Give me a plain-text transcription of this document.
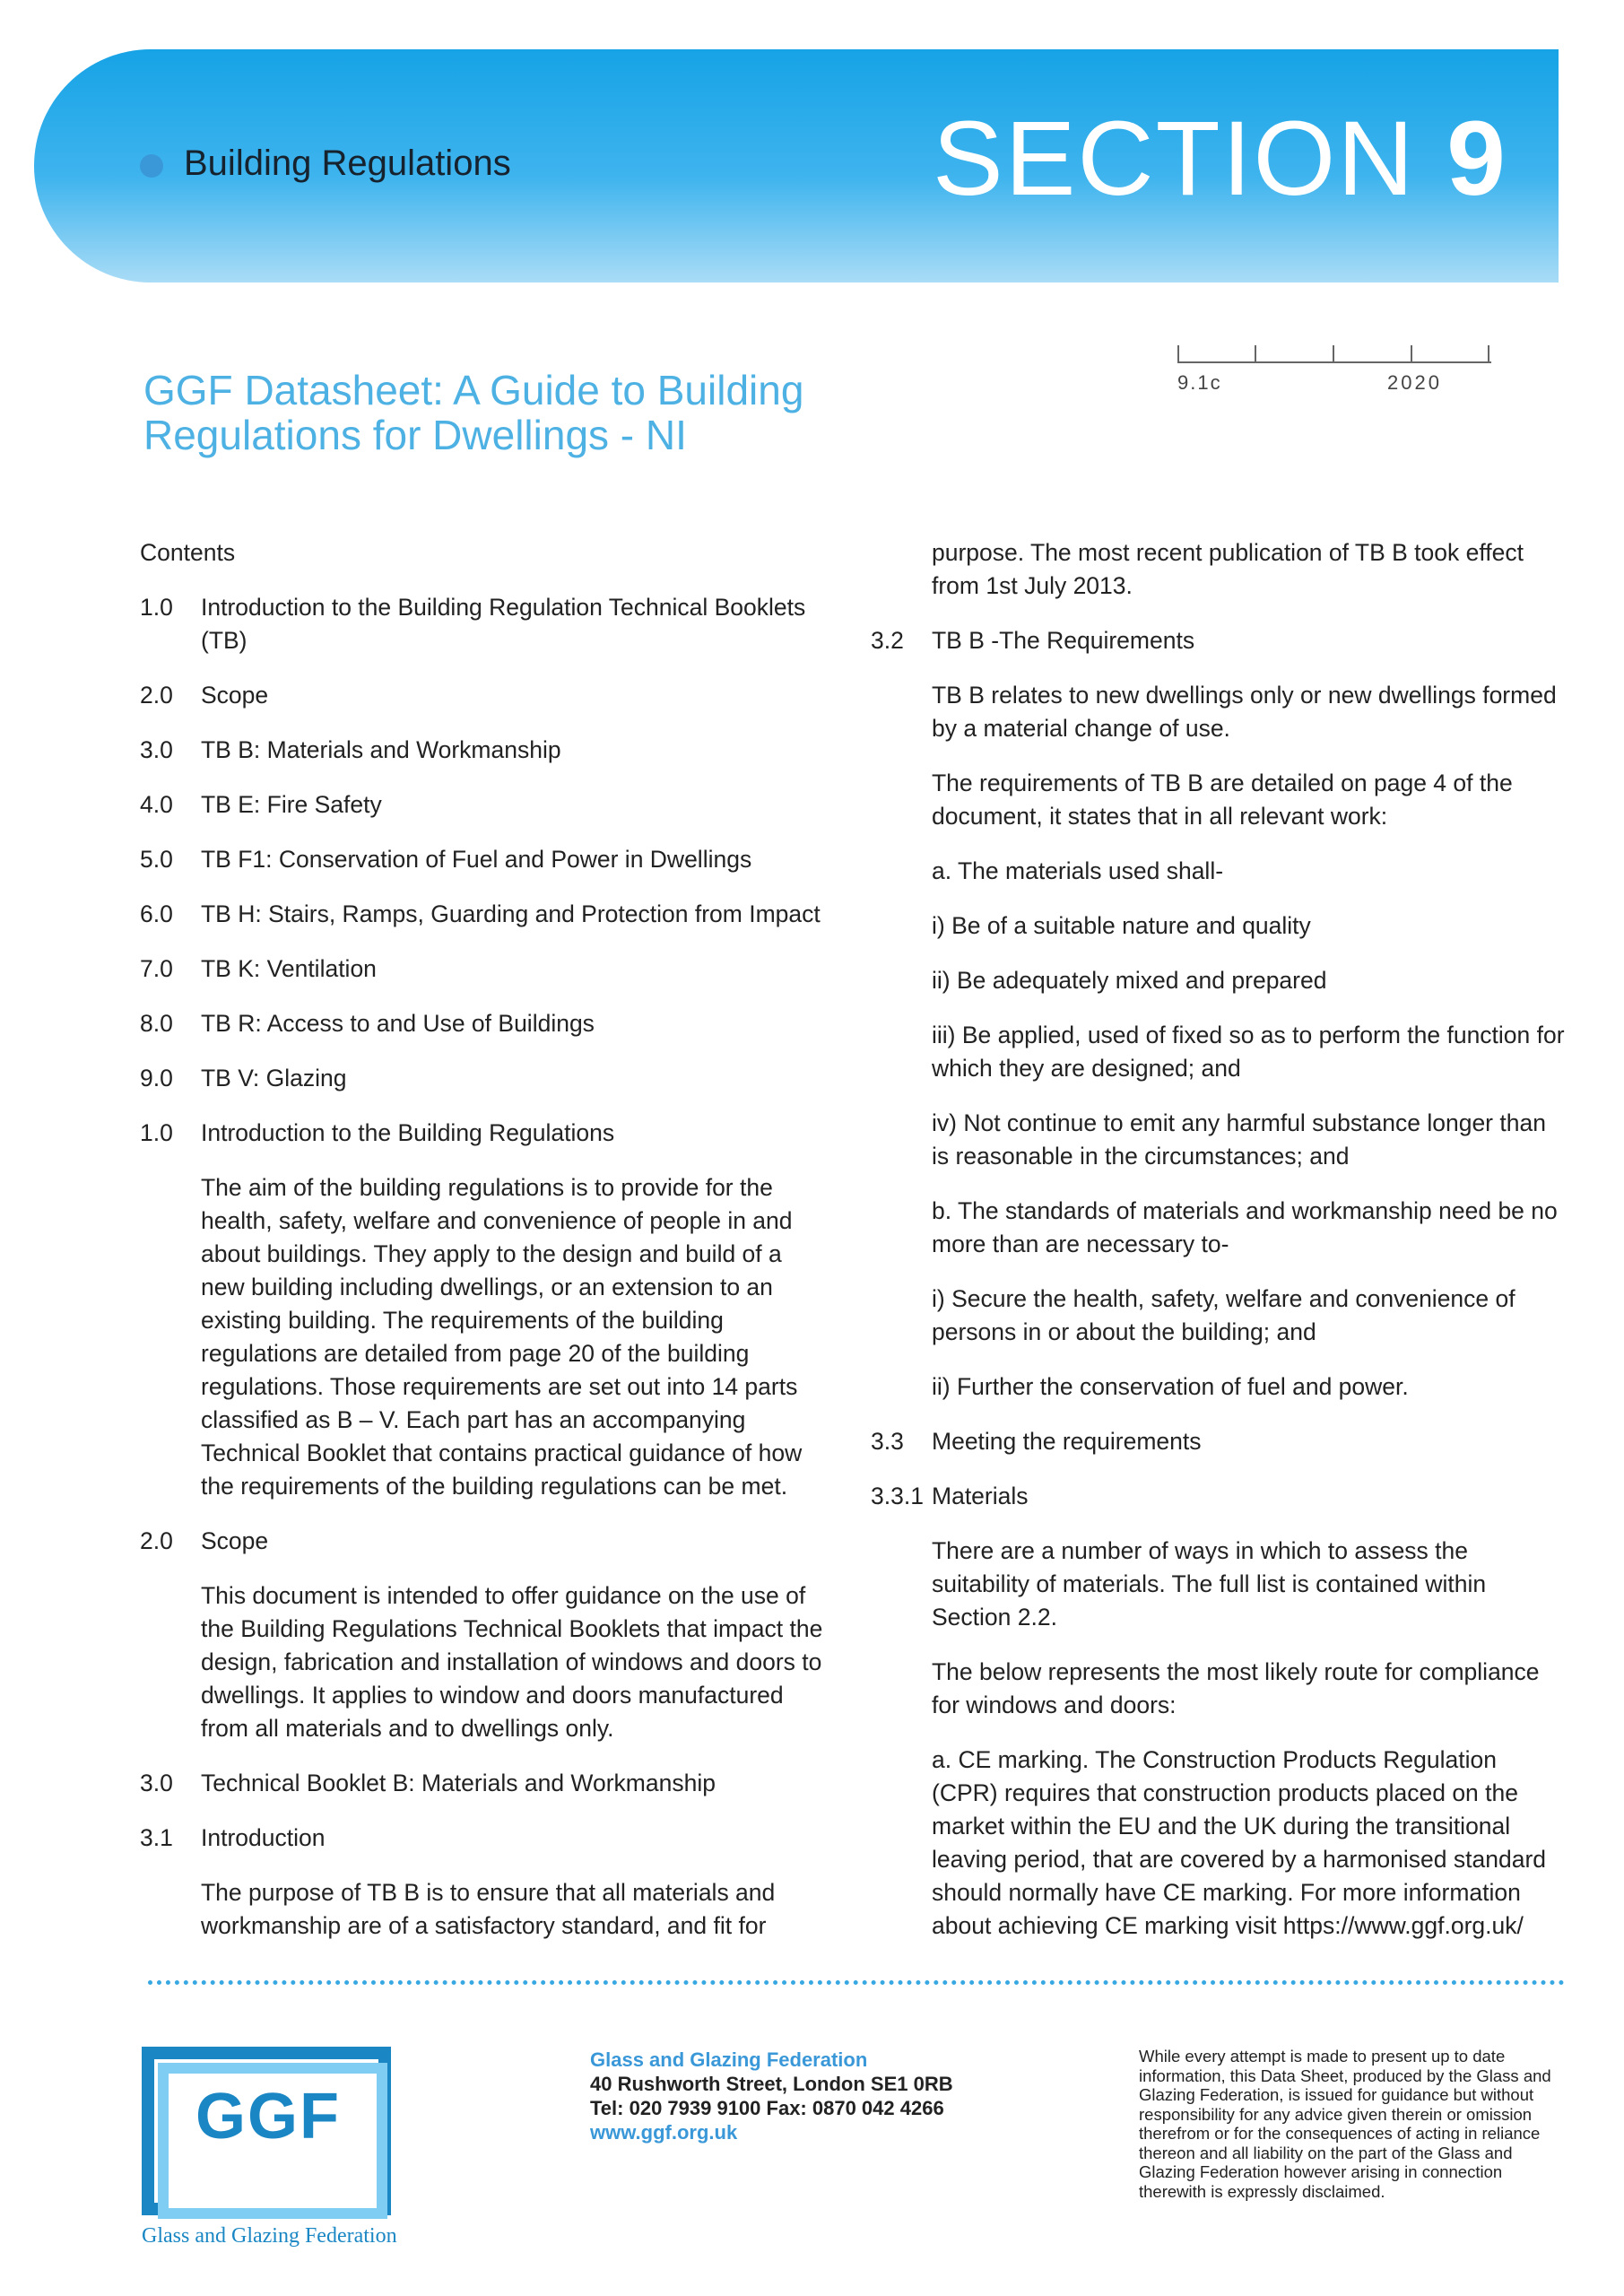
Building Regulations	SECTION 9
GGF Datasheet: A Guide to Building
Regulations for Dwellings - NI
9.1c	2020
Contents
1.0	Introduction to the Building Regulation Technical Booklets (TB)
2.0	Scope
3.0	TB B: Materials and Workmanship
4.0	TB E: Fire Safety
5.0	TB F1: Conservation of Fuel and Power in Dwellings
6.0	TB H: Stairs, Ramps, Guarding and Protection from Impact
7.0	TB K: Ventilation
8.0	TB R: Access to and Use of Buildings
9.0	TB V: Glazing
1.0	Introduction to the Building Regulations
The aim of the building regulations is to provide for the health, safety, welfare and convenience of people in and about buildings. They apply to the design and build of a new building including dwellings, or an extension to an existing building. The requirements of the building regulations are detailed from page 20 of the building regulations. Those requirements are set out into 14 parts classified as B – V. Each part has an accompanying Technical Booklet that contains practical guidance of how the requirements of the building regulations can be met.
2.0	Scope
This document is intended to offer guidance on the use of the Building Regulations Technical Booklets that impact the design, fabrication and installation of windows and doors to dwellings. It applies to window and doors manufactured from all materials and to dwellings only.
3.0	Technical Booklet B: Materials and Workmanship
3.1	Introduction
The purpose of TB B is to ensure that all materials and workmanship are of a satisfactory standard, and fit for
purpose. The most recent publication of TB B took effect from 1st July 2013.
3.2	TB B -The Requirements
TB B relates to new dwellings only or new dwellings formed by a material change of use.
The requirements of TB B are detailed on page 4 of the document, it states that in all relevant work:
a. The materials used shall-
i) Be of a suitable nature and quality
ii) Be adequately mixed and prepared
iii) Be applied, used of fixed so as to perform the function for which they are designed; and
iv) Not continue to emit any harmful substance longer than is reasonable in the circumstances; and
b. The standards of materials and workmanship need be no more than are necessary to-
i) Secure the health, safety, welfare and convenience of persons in or about the building; and
ii) Further the conservation of fuel and power.
3.3	Meeting the requirements
3.3.1 Materials
There are a number of ways in which to assess the suitability of materials. The full list is contained within Section 2.2.
The below represents the most likely route for compliance for windows and doors:
a. CE marking. The Construction Products Regulation (CPR) requires that construction products placed on the market within the EU and the UK during the transitional leaving period, that are covered by a harmonised standard should normally have CE marking. For more information about achieving CE marking visit https://www.ggf.org.uk/
GGF
Glass and Glazing Federation
Glass and Glazing Federation
40 Rushworth Street, London SE1 0RB
Tel: 020 7939 9100 Fax: 0870 042 4266
www.ggf.org.uk
While every attempt is made to present up to date information, this Data Sheet, produced by the Glass and Glazing Federation, is issued for guidance but without responsibility for any advice given therein or omission therefrom or for the consequences of acting in reliance thereon and all liability on the part of the Glass and Glazing Federation however arising in connection therewith is expressly disclaimed.
